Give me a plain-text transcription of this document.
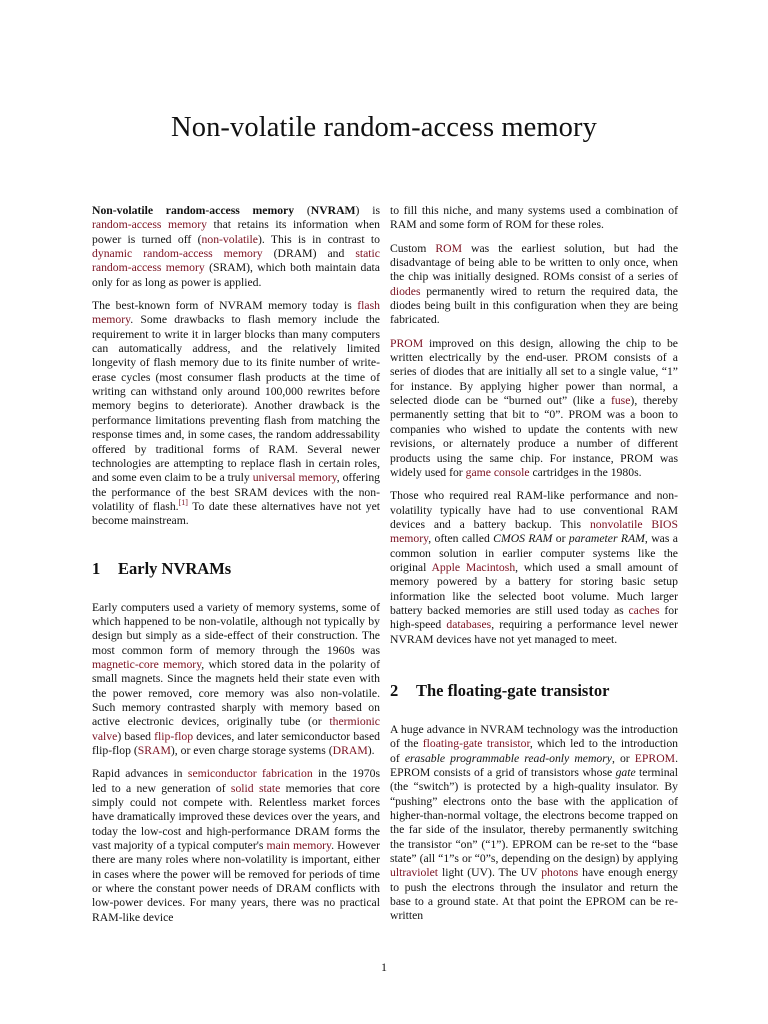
Non-volatile random-access memory

Non-volatile random-access memory (NVRAM) is random-access memory that retains its information when power is turned off (non-volatile). This is in contrast to dynamic random-access memory (DRAM) and static random-access memory (SRAM), which both maintain data only for as long as power is applied.

The best-known form of NVRAM memory today is flash memory. Some drawbacks to flash memory include the requirement to write it in larger blocks than many computers can automatically address, and the relatively limited longevity of flash memory due to its finite number of write-erase cycles (most consumer flash products at the time of writing can withstand only around 100,000 rewrites before memory begins to deteriorate). Another drawback is the performance limitations preventing flash from matching the response times and, in some cases, the random addressability offered by traditional forms of RAM. Several newer technologies are attempting to replace flash in certain roles, and some even claim to be a truly universal memory, offering the performance of the best SRAM devices with the non-volatility of flash.[1] To date these alternatives have not yet become mainstream.

1 Early NVRAMs

Early computers used a variety of memory systems, some of which happened to be non-volatile, although not typically by design but simply as a side-effect of their construction. The most common form of memory through the 1960s was magnetic-core memory, which stored data in the polarity of small magnets. Since the magnets held their state even with the power removed, core memory was also non-volatile. Such memory contrasted sharply with memory based on active electronic devices, originally tube (or thermionic valve) based flip-flop devices, and later semiconductor based flip-flop (SRAM), or even charge storage systems (DRAM).

Rapid advances in semiconductor fabrication in the 1970s led to a new generation of solid state memories that core simply could not compete with. Relentless market forces have dramatically improved these devices over the years, and today the low-cost and high-performance DRAM forms the vast majority of a typical computer's main memory. However there are many roles where non-volatility is important, either in cases where the power will be removed for periods of time or where the constant power needs of DRAM conflicts with low-power devices. For many years, there was no practical RAM-like device

to fill this niche, and many systems used a combination of RAM and some form of ROM for these roles.

Custom ROM was the earliest solution, but had the disadvantage of being able to be written to only once, when the chip was initially designed. ROMs consist of a series of diodes permanently wired to return the required data, the diodes being built in this configuration when they are being fabricated.

PROM improved on this design, allowing the chip to be written electrically by the end-user. PROM consists of a series of diodes that are initially all set to a single value, “1” for instance. By applying higher power than normal, a selected diode can be “burned out” (like a fuse), thereby permanently setting that bit to “0”. PROM was a boon to companies who wished to update the contents with new revisions, or alternately produce a number of different products using the same chip. For instance, PROM was widely used for game console cartridges in the 1980s.

Those who required real RAM-like performance and non-volatility typically have had to use conventional RAM devices and a battery backup. This nonvolatile BIOS memory, often called CMOS RAM or parameter RAM, was a common solution in earlier computer systems like the original Apple Macintosh, which used a small amount of memory powered by a battery for storing basic setup information like the selected boot volume. Much larger battery backed memories are still used today as caches for high-speed databases, requiring a performance level newer NVRAM devices have not yet managed to meet.

2 The floating-gate transistor

A huge advance in NVRAM technology was the introduction of the floating-gate transistor, which led to the introduction of erasable programmable read-only memory, or EPROM. EPROM consists of a grid of transistors whose gate terminal (the “switch”) is protected by a high-quality insulator. By “pushing” electrons onto the base with the application of higher-than-normal voltage, the electrons become trapped on the far side of the insulator, thereby permanently switching the transistor “on” (“1”). EPROM can be re-set to the “base state” (all “1”s or “0”s, depending on the design) by applying ultraviolet light (UV). The UV photons have enough energy to push the electrons through the insulator and return the base to a ground state. At that point the EPROM can be re-written

1
